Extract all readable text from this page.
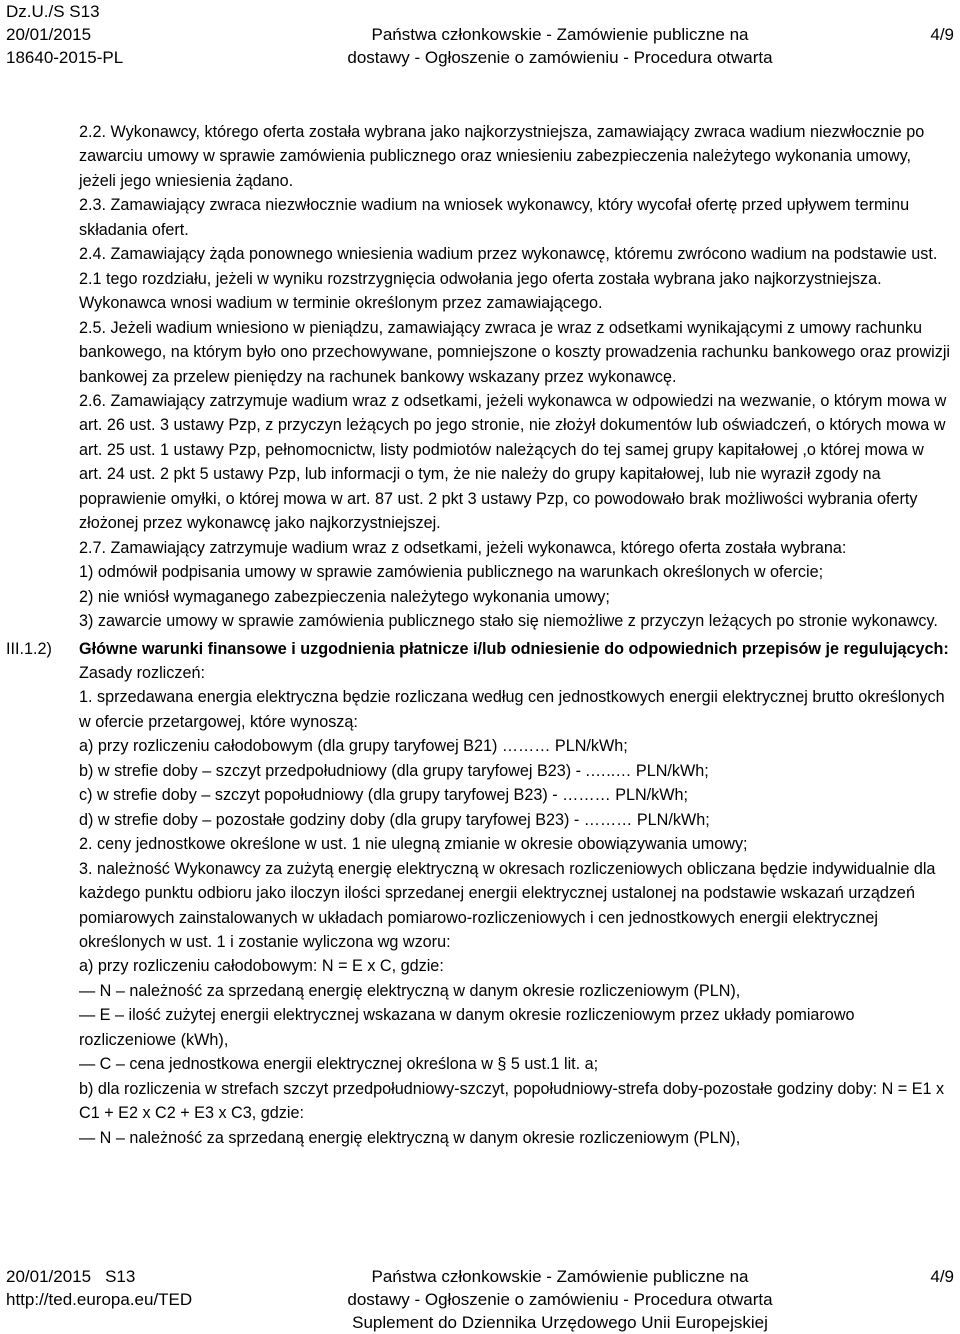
Dz.U./S S13
20/01/2015
18640-2015-PL
Państwa członkowskie - Zamówienie publiczne na
dostawy - Ogłoszenie o zamówieniu - Procedura otwarta
4/9

2.2. Wykonawcy, którego oferta została wybrana jako najkorzystniejsza, zamawiający zwraca wadium niezwłocznie po zawarciu umowy w sprawie zamówienia publicznego oraz wniesieniu zabezpieczenia należytego wykonania umowy, jeżeli jego wniesienia żądano.

2.3. Zamawiający zwraca niezwłocznie wadium na wniosek wykonawcy, który wycofał ofertę przed upływem terminu składania ofert.

2.4. Zamawiający żąda ponownego wniesienia wadium przez wykonawcę, któremu zwrócono wadium na podstawie ust. 2.1 tego rozdziału, jeżeli w wyniku rozstrzygnięcia odwołania jego oferta została wybrana jako najkorzystniejsza. Wykonawca wnosi wadium w terminie określonym przez zamawiającego.

2.5. Jeżeli wadium wniesiono w pieniądzu, zamawiający zwraca je wraz z odsetkami wynikającymi z umowy rachunku bankowego, na którym było ono przechowywane, pomniejszone o koszty prowadzenia rachunku bankowego oraz prowizji bankowej za przelew pieniędzy na rachunek bankowy wskazany przez wykonawcę.

2.6. Zamawiający zatrzymuje wadium wraz z odsetkami, jeżeli wykonawca w odpowiedzi na wezwanie, o którym mowa w art. 26 ust. 3 ustawy Pzp, z przyczyn leżących po jego stronie, nie złożył dokumentów lub oświadczeń, o których mowa w art. 25 ust. 1 ustawy Pzp, pełnomocnictw, listy podmiotów należących do tej samej grupy kapitałowej ,o której mowa w art. 24 ust. 2 pkt 5 ustawy Pzp, lub informacji o tym, że nie należy do grupy kapitałowej, lub nie wyraził zgody na poprawienie omyłki, o której mowa w art. 87 ust. 2 pkt 3 ustawy Pzp, co powodowało brak możliwości wybrania oferty złożonej przez wykonawcę jako najkorzystniejszej.

2.7. Zamawiający zatrzymuje wadium wraz z odsetkami, jeżeli wykonawca, którego oferta została wybrana:

1) odmówił podpisania umowy w sprawie zamówienia publicznego na warunkach określonych w ofercie;

2) nie wniósł wymaganego zabezpieczenia należytego wykonania umowy;

3) zawarcie umowy w sprawie zamówienia publicznego stało się niemożliwe z przyczyn leżących po stronie wykonawcy.

Główne warunki finansowe i uzgodnienia płatnicze i/lub odniesienie do odpowiednich przepisów je regulujących:

Zasady rozliczeń:

1. sprzedawana energia elektryczna będzie rozliczana według cen jednostkowych energii elektrycznej brutto określonych w ofercie przetargowej, które wynoszą:

a) przy rozliczeniu całodobowym (dla grupy taryfowej B21) ……… PLN/kWh;

b) w strefie doby – szczyt przedpołudniowy (dla grupy taryfowej B23) - .…..… PLN/kWh;

c) w strefie doby – szczyt popołudniowy (dla grupy taryfowej B23) - ……… PLN/kWh;

d) w strefie doby – pozostałe godziny doby (dla grupy taryfowej B23) - ……… PLN/kWh;

2. ceny jednostkowe określone w ust. 1 nie ulegną zmianie w okresie obowiązywania umowy;

3. należność Wykonawcy za zużytą energię elektryczną w okresach rozliczeniowych obliczana będzie indywidualnie dla każdego punktu odbioru jako iloczyn ilości sprzedanej energii elektrycznej ustalonej na podstawie wskazań urządzeń pomiarowych zainstalowanych w układach pomiarowo-rozliczeniowych i cen jednostkowych energii elektrycznej określonych w ust. 1 i zostanie wyliczona wg wzoru:

a) przy rozliczeniu całodobowym: N = E x C, gdzie:

— N – należność za sprzedaną energię elektryczną w danym okresie rozliczeniowym (PLN),

— E – ilość zużytej energii elektrycznej wskazana w danym okresie rozliczeniowym przez układy pomiarowo rozliczeniowe (kWh),

— C – cena jednostkowa energii elektrycznej określona w § 5 ust.1 lit. a;

b) dla rozliczenia w strefach szczyt przedpołudniowy-szczyt, popołudniowy-strefa doby-pozostałe godziny doby: N = E1 x C1 + E2 x C2 + E3 x C3, gdzie:

— N – należność za sprzedaną energię elektryczną w danym okresie rozliczeniowym (PLN),

III.1.2)
20/01/2015 S13
http://ted.europa.eu/TED
Państwa członkowskie - Zamówienie publiczne na
dostawy - Ogłoszenie o zamówieniu - Procedura otwarta
Suplement do Dziennika Urzędowego Unii Europejskiej
4/9
